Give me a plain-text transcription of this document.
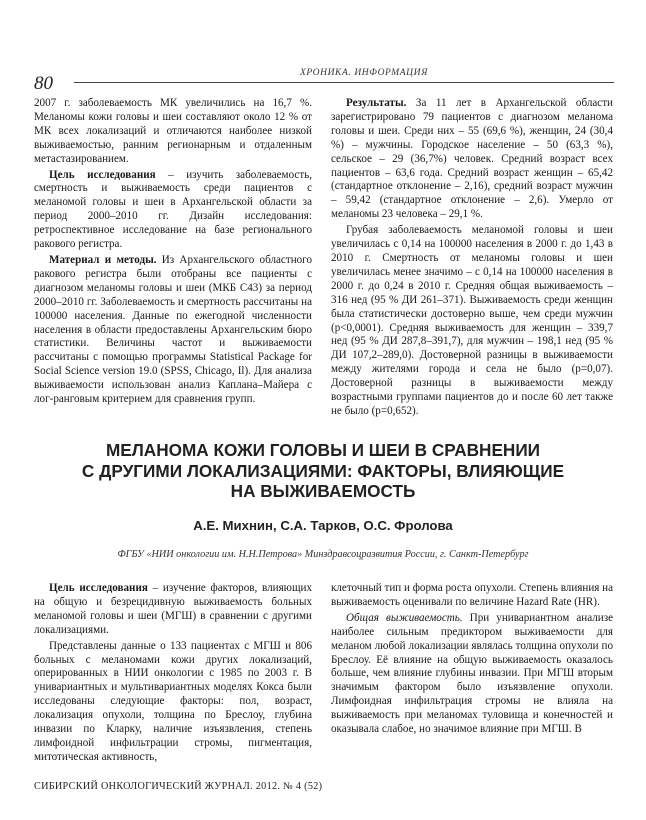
ХРОНИКА. ИНФОРМАЦИЯ
80

2007 г. заболеваемость МК увеличились на 16,7 %. Меланомы кожи головы и шеи составляют около 12 % от МК всех локализаций и отличаются наиболее низкой выживаемостью, ранним регионарным и отдаленным метастазированием.

Цель исследования – изучить заболеваемость, смертность и выживаемость среди пациентов с меланомой головы и шеи в Архангельской области за период 2000–2010 гг. Дизайн исследования: ретроспективное исследование на базе регионального ракового регистра.

Материал и методы. Из Архангельского областного ракового регистра были отобраны все пациенты с диагнозом меланомы головы и шеи (МКБ С43) за период 2000–2010 гг. Заболеваемость и смертность рассчитаны на 100000 населения. Данные по ежегодной численности населения в области предоставлены Архангельским бюро статистики. Величины частот и выживаемости рассчитаны с помощью программы Statistical Package for Social Science version 19.0 (SPSS, Chicago, Il). Для анализа выживаемости использован анализ Каплана–Майера с лог-ранговым критерием для сравнения групп.

Результаты. За 11 лет в Архангельской области зарегистрировано 79 пациентов с диагнозом меланома головы и шеи. Среди них – 55 (69,6 %), женщин, 24 (30,4 %) – мужчины. Городское население – 50 (63,3 %), сельское – 29 (36,7%) человек. Средний возраст всех пациентов – 63,6 года. Средний возраст женщин – 65,42 (стандартное отклонение – 2,16), средний возраст мужчин – 59,42 (стандартное отклонение – 2,6). Умерло от меланомы 23 человека – 29,1 %.

Грубая заболеваемость меланомой головы и шеи увеличилась с 0,14 на 100000 населения в 2000 г. до 1,43 в 2010 г. Смертность от меланомы головы и шеи увеличилась менее значимо – с 0,14 на 100000 населения в 2000 г. до 0,24 в 2010 г. Средняя общая выживаемость – 316 нед (95 % ДИ 261–371). Выживаемость среди женщин была статистически достоверно выше, чем среди мужчин (p<0,0001). Средняя выживаемость для женщин – 339,7 нед (95 % ДИ 287,8–391,7), для мужчин – 198,1 нед (95 % ДИ 107,2–289,0). Достоверной разницы в выживаемости между жителями города и села не было (p=0,07). Достоверной разницы в выживаемости между возрастными группами пациентов до и после 60 лет также не было (p=0,652).

МЕЛАНОМА КОЖИ ГОЛОВЫ И ШЕИ В СРАВНЕНИИ
С ДРУГИМИ ЛОКАЛИЗАЦИЯМИ: ФАКТОРЫ, ВЛИЯЮЩИЕ
НА ВЫЖИВАЕМОСТЬ
А.Е. Михнин, С.А. Тарков, О.С. Фролова
ФГБУ «НИИ онкологии им. Н.Н.Петрова» Минздравсоцразвития России, г. Санкт-Петербург

Цель исследования – изучение факторов, влияющих на общую и безрецидивную выживаемость больных меланомой головы и шеи (МГШ) в сравнении с другими локализациями.

Представлены данные о 133 пациентах с МГШ и 806 больных с меланомами кожи других локализаций, оперированных в НИИ онкологии с 1985 по 2003 г. В унивариантных и мультивариантных моделях Кокса были исследованы следующие факторы: пол, возраст, локализация опухоли, толщина по Бреслоу, глубина инвазии по Кларку, наличие изъязвления, степень лимфоидной инфильтрации стромы, пигментация, митотическая активность,

клеточный тип и форма роста опухоли. Степень влияния на выживаемость оценивали по величине Hazard Rate (HR).

Общая выживаемость. При унивариантном анализе наиболее сильным предиктором выживаемости для меланом любой локализации являлась толщина опухоли по Бреслоу. Её влияние на общую выживаемость оказалось больше, чем влияние глубины инвазии. При МГШ вторым значимым фактором было изъязвление опухоли. Лимфоидная инфильтрация стромы не влияла на выживаемость при меланомах туловища и конечностей и оказывала слабое, но значимое влияние при МГШ. В

СИБИРСКИЙ ОНКОЛОГИЧЕСКИЙ ЖУРНАЛ. 2012. № 4 (52)
